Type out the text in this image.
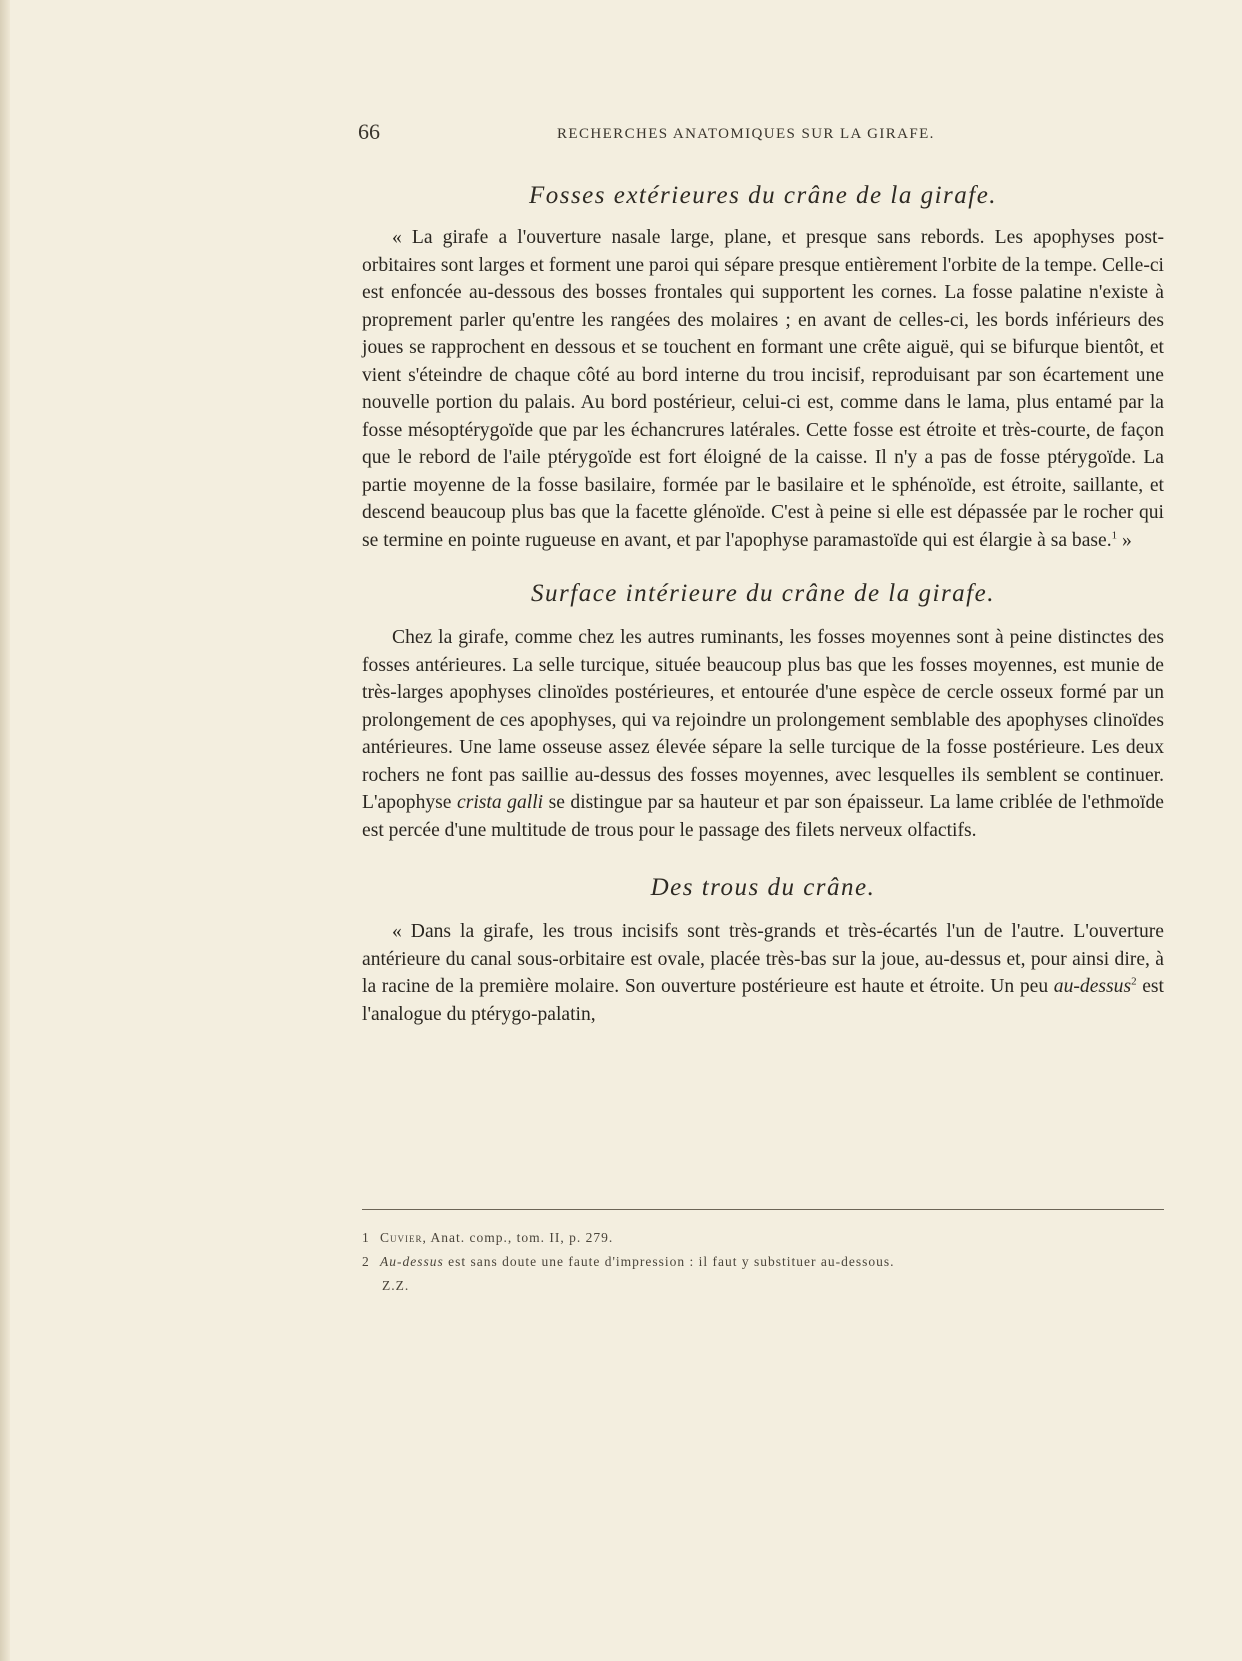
66	RECHERCHES ANATOMIQUES SUR LA GIRAFE.
Fosses extérieures du crâne de la girafe.

« La girafe a l'ouverture nasale large, plane, et presque sans rebords. Les apophyses post-orbitaires sont larges et forment une paroi qui sépare presque entièrement l'orbite de la tempe. Celle-ci est enfoncée au-dessous des bosses frontales qui supportent les cornes. La fosse palatine n'existe à proprement parler qu'entre les rangées des molaires ; en avant de celles-ci, les bords inférieurs des joues se rapprochent en dessous et se touchent en formant une crête aiguë, qui se bifurque bientôt, et vient s'éteindre de chaque côté au bord interne du trou incisif, reproduisant par son écartement une nouvelle portion du palais. Au bord postérieur, celui-ci est, comme dans le lama, plus entamé par la fosse mésoptérygoïde que par les échancrures latérales. Cette fosse est étroite et très-courte, de façon que le rebord de l'aile ptérygoïde est fort éloigné de la caisse. Il n'y a pas de fosse ptérygoïde. La partie moyenne de la fosse basilaire, formée par le basilaire et le sphénoïde, est étroite, saillante, et descend beaucoup plus bas que la facette glénoïde. C'est à peine si elle est dépassée par le rocher qui se termine en pointe rugueuse en avant, et par l'apophyse paramastoïde qui est élargie à sa base.$^1$ »

Surface intérieure du crâne de la girafe.

Chez la girafe, comme chez les autres ruminants, les fosses moyennes sont à peine distinctes des fosses antérieures. La selle turcique, située beaucoup plus bas que les fosses moyennes, est munie de très-larges apophyses clinoïdes postérieures, et entourée d'une espèce de cercle osseux formé par un prolongement de ces apophyses, qui va rejoindre un prolongement semblable des apophyses clinoïdes antérieures. Une lame osseuse assez élevée sépare la selle turcique de la fosse postérieure. Les deux rochers ne font pas saillie au-dessus des fosses moyennes, avec lesquelles ils semblent se continuer. L'apophyse crista galli se distingue par sa hauteur et par son épaisseur. La lame criblée de l'ethmoïde est percée d'une multitude de trous pour le passage des filets nerveux olfactifs.

Des trous du crâne.

« Dans la girafe, les trous incisifs sont très-grands et très-écartés l'un de l'autre. L'ouverture antérieure du canal sous-orbitaire est ovale, placée très-bas sur la joue, au-dessus et, pour ainsi dire, à la racine de la première molaire. Son ouverture postérieure est haute et étroite. Un peu au-dessus$^2$ est l'analogue du ptérygo-palatin,

1 Cuvier, Anat. comp., tom. II, p. 279.
2 Au-dessus est sans doute une faute d'impression : il faut y substituer au-dessous.
Z.Z.
